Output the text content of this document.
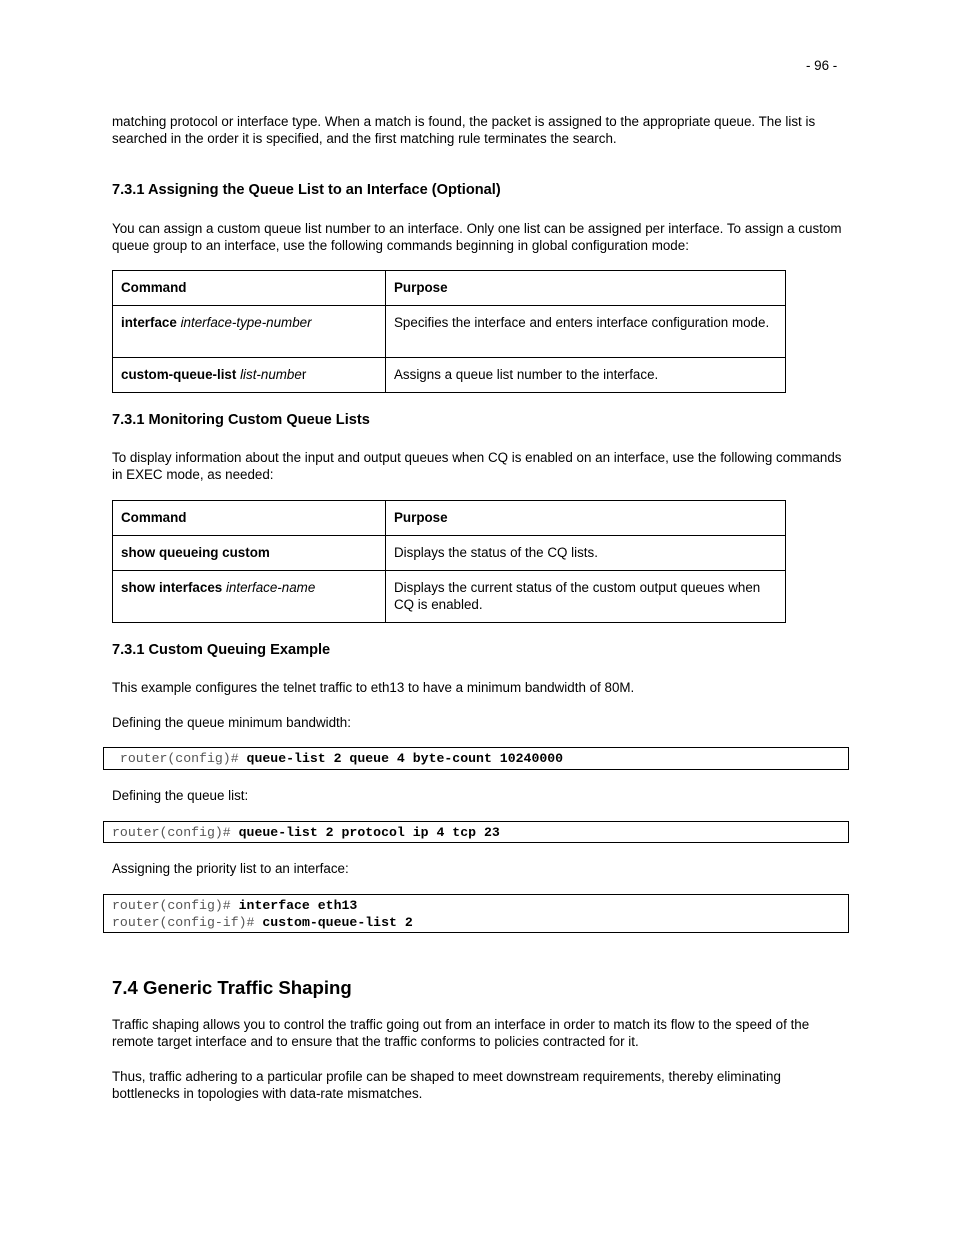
- 96 -

matching protocol or interface type. When a match is found, the packet is assigned to the appropriate queue. The list is searched in the order it is specified, and the first matching rule terminates the search.

7.3.1 Assigning the Queue List to an Interface (Optional)

You can assign a custom queue list number to an interface. Only one list can be assigned per interface. To assign a custom queue group to an interface, use the following commands beginning in global configuration mode:

Command	Purpose
interface interface-type-number	Specifies the interface and enters interface configuration mode.
custom-queue-list list-number	Assigns a queue list number to the interface.
7.3.1 Monitoring Custom Queue Lists

To display information about the input and output queues when CQ is enabled on an interface, use the following commands in EXEC mode, as needed:

Command	Purpose
show queueing custom	Displays the status of the CQ lists.
show interfaces interface-name	Displays the current status of the custom output queues when CQ is enabled.
7.3.1 Custom Queuing Example

This example configures the telnet traffic to eth13 to have a minimum bandwidth of 80M.

Defining the queue minimum bandwidth:

router(config)# queue-list 2 queue 4 byte-count 10240000

Defining the queue list:

router(config)# queue-list 2 protocol ip 4 tcp 23

Assigning the priority list to an interface:

router(config)# interface eth13
router(config-if)# custom-queue-list 2
7.4 Generic Traffic Shaping

Traffic shaping allows you to control the traffic going out from an interface in order to match its flow to the speed of the remote target interface and to ensure that the traffic conforms to policies contracted for it.

Thus, traffic adhering to a particular profile can be shaped to meet downstream requirements, thereby eliminating bottlenecks in topologies with data-rate mismatches.
